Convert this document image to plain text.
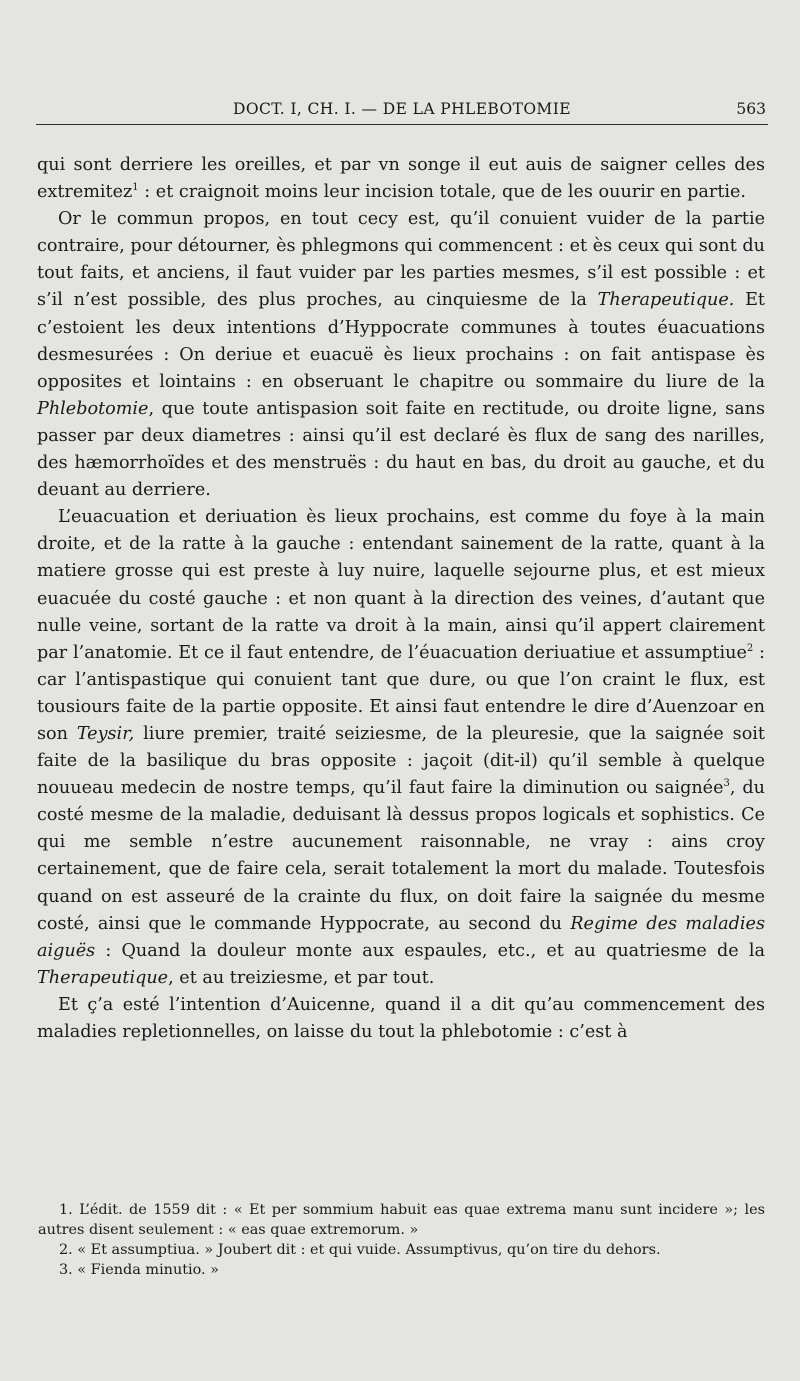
DOCT. I, CH. I. — DE LA PHLEBOTOMIE	563

qui sont derriere les oreilles, et par vn songe il eut auis de saigner celles des extremitez$^1$ : et craignoit moins leur incision totale, que de les ouurir en partie.

Or le commun propos, en tout cecy est, qu’il conuient vuider de la partie contraire, pour détourner, ès phlegmons qui commencent : et ès ceux qui sont du tout faits, et anciens, il faut vuider par les parties mesmes, s’il est possible : et s’il n’est possible, des plus proches, au cinquiesme de la Therapeutique. Et c’estoient les deux intentions d’Hyppocrate communes à toutes éuacuations desmesurées : On deriue et euacuë ès lieux prochains : on fait antispase ès opposites et lointains : en obseruant le chapitre ou sommaire du liure de la Phlebotomie, que toute antispasion soit faite en rectitude, ou droite ligne, sans passer par deux diametres : ainsi qu’il est declaré ès flux de sang des narilles, des hæmorrhoïdes et des menstruës : du haut en bas, du droit au gauche, et du deuant au derriere.

L’euacuation et deriuation ès lieux prochains, est comme du foye à la main droite, et de la ratte à la gauche : entendant sainement de la ratte, quant à la matiere grosse qui est preste à luy nuire, laquelle sejourne plus, et est mieux euacuée du costé gauche : et non quant à la direction des veines, d’autant que nulle veine, sortant de la ratte va droit à la main, ainsi qu’il appert clairement par l’anatomie. Et ce il faut entendre, de l’éuacuation deriuatiue et assumptiue$^2$ : car l’antispastique qui conuient tant que dure, ou que l’on craint le flux, est tousiours faite de la partie opposite. Et ainsi faut entendre le dire d’Auenzoar en son Teysir, liure premier, traité seiziesme, de la pleuresie, que la saignée soit faite de la basilique du bras opposite : jaçoit (dit-il) qu’il semble à quelque nouueau medecin de nostre temps, qu’il faut faire la diminution ou saignée$^3$, du costé mesme de la maladie, deduisant là dessus propos logicals et sophistics. Ce qui me semble n’estre aucunement raisonnable, ne vray : ains croy certainement, que de faire cela, serait totalement la mort du malade. Toutesfois quand on est asseuré de la crainte du flux, on doit faire la saignée du mesme costé, ainsi que le commande Hyppocrate, au second du Regime des maladies aiguës : Quand la douleur monte aux espaules, etc., et au quatriesme de la Therapeutique, et au treiziesme, et par tout.

Et ç’a esté l’intention d’Auicenne, quand il a dit qu’au commencement des maladies repletionnelles, on laisse du tout la phlebotomie : c’est à

1. L’édit. de 1559 dit : « Et per sommium habuit eas quae extrema manu sunt incidere »; les autres disent seulement : « eas quae extremorum. »

2. « Et assumptiua. » Joubert dit : et qui vuide. Assumptivus, qu’on tire du dehors.

3. « Fienda minutio. »
